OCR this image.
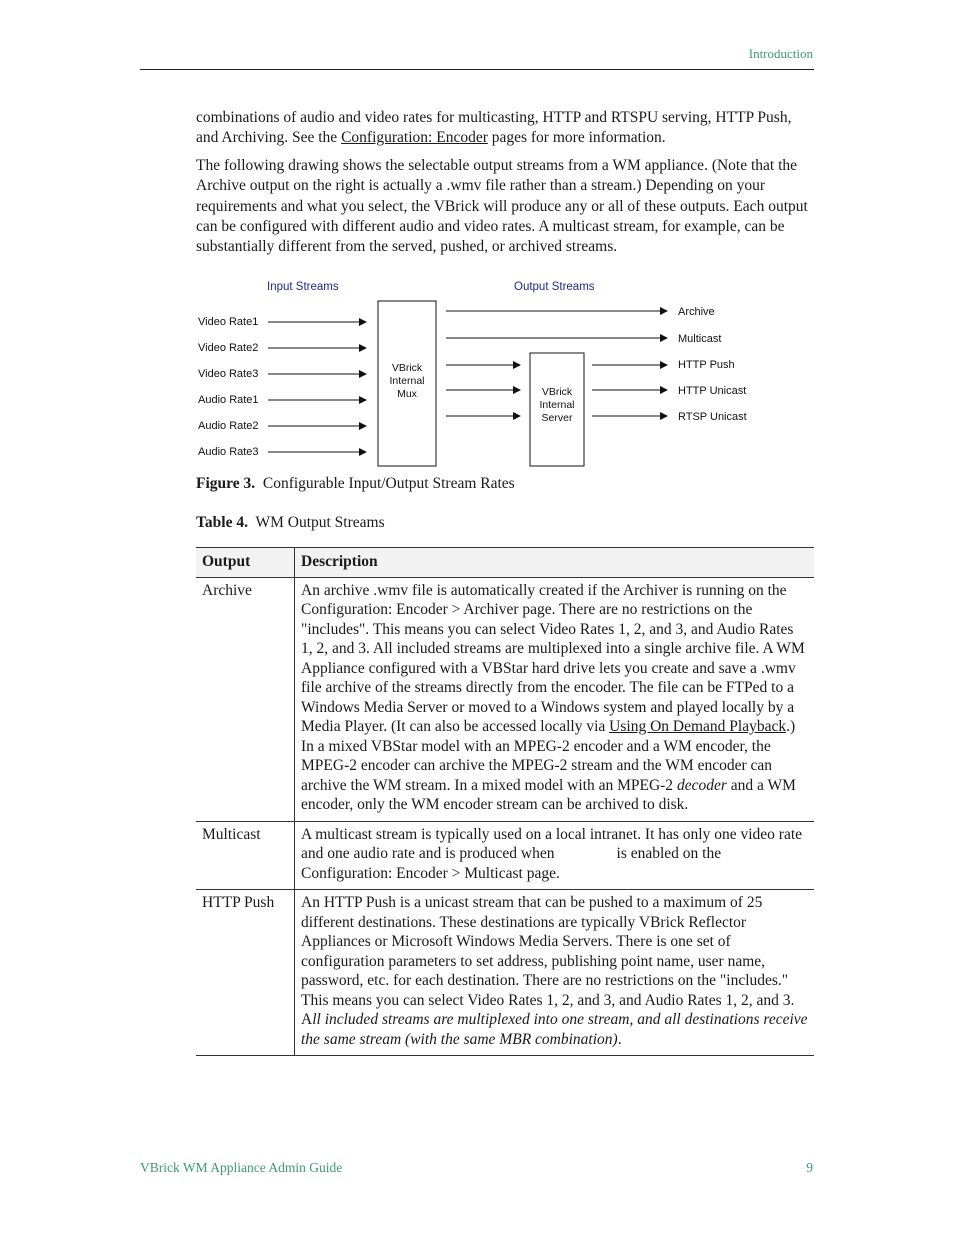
Introduction

combinations of audio and video rates for multicasting, HTTP and RTSPU serving, HTTP Push, and Archiving. See the Configuration: Encoder pages for more information.

The following drawing shows the selectable output streams from a WM appliance. (Note that the Archive output on the right is actually a .wmv file rather than a stream.) Depending on your requirements and what you select, the VBrick will produce any or all of these outputs. Each output can be configured with different audio and video rates. A multicast stream, for example, can be substantially different from the served, pushed, or archived streams.

Input Streams	Output Streams
Video Rate1
Video Rate2
Video Rate3
Audio Rate1
Audio Rate2
Audio Rate3
VBrick
Internal
Mux	VBrick
Internal
Server
Archive
Multicast
HTTP Push
HTTP Unicast
RTSP Unicast
Figure 3. Configurable Input/Output Stream Rates
Table 4. WM Output Streams
Output	Description
Archive	An archive .wmv file is automatically created if the Archiver is running on the Configuration: Encoder > Archiver page. There are no restrictions on the "includes". This means you can select Video Rates 1, 2, and 3, and Audio Rates 1, 2, and 3. All included streams are multiplexed into a single archive file. A WM Appliance configured with a VBStar hard drive lets you create and save a .wmv file archive of the streams directly from the encoder. The file can be FTPed to a Windows Media Server or moved to a Windows system and played locally by a Media Player. (It can also be accessed locally via Using On Demand Playback.) In a mixed VBStar model with an MPEG-2 encoder and a WM encoder, the MPEG-2 encoder can archive the MPEG-2 stream and the WM encoder can archive the WM stream. In a mixed model with an MPEG-2 decoder and a WM encoder, only the WM encoder stream can be archived to disk.
Multicast	A multicast stream is typically used on a local intranet. It has only one video rate and one audio rate and is produced when is enabled on the Configuration: Encoder > Multicast page.
HTTP Push	An HTTP Push is a unicast stream that can be pushed to a maximum of 25 different destinations. These destinations are typically VBrick Reflector Appliances or Microsoft Windows Media Servers. There is one set of configuration parameters to set address, publishing point name, user name, password, etc. for each destination. There are no restrictions on the "includes." This means you can select Video Rates 1, 2, and 3, and Audio Rates 1, 2, and 3. All included streams are multiplexed into one stream, and all destinations receive the same stream (with the same MBR combination).
VBrick WM Appliance Admin Guide	9
